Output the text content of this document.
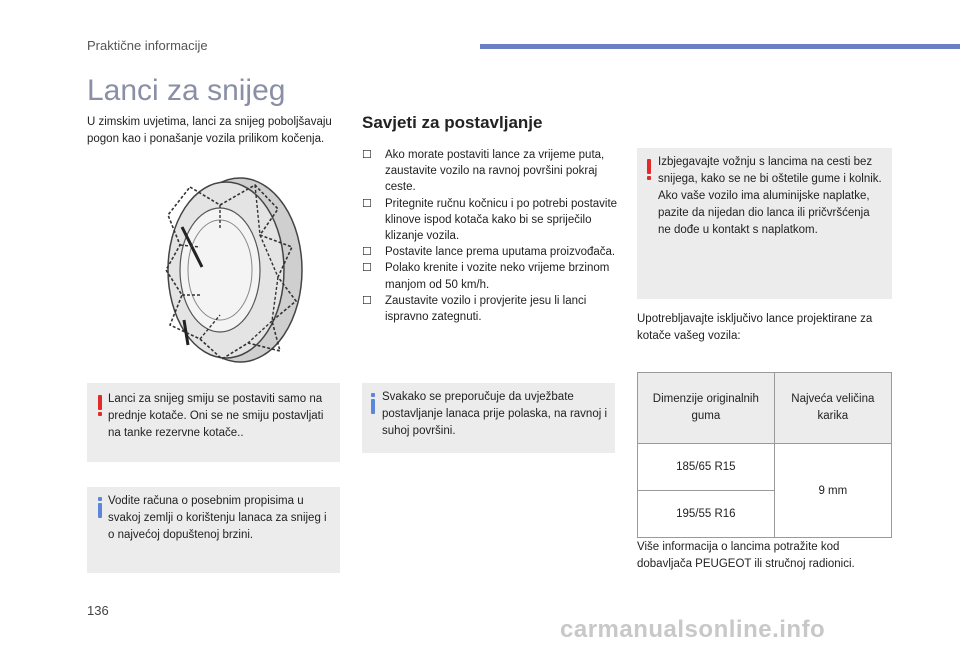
Praktične informacije
Lanci za snijeg
U zimskim uvjetima, lanci za snijeg poboljšavaju pogon kao i ponašanje vozila prilikom kočenja.
Lanci za snijeg smiju se postaviti samo na prednje kotače. Oni se ne smiju postavljati na tanke rezervne kotače..
Vodite računa o posebnim propisima u svakoj zemlji o korištenju lanaca za snijeg i o najvećoj dopuštenoj brzini.
Savjeti za postavljanje
☐ Ako morate postaviti lance za vrijeme puta, zaustavite vozilo na ravnoj površini pokraj ceste.
☐ Pritegnite ručnu kočnicu i po potrebi postavite klinove ispod kotača kako bi se spriječilo klizanje vozila.
☐ Postavite lance prema uputama proizvođača.
☐ Polako krenite i vozite neko vrijeme brzinom manjom od 50 km/h.
☐ Zaustavite vozilo i provjerite jesu li lanci ispravno zategnuti.
Svakako se preporučuje da uvježbate postavljanje lanaca prije polaska, na ravnoj i suhoj površini.
Izbjegavajte vožnju s lancima na cesti bez snijega, kako se ne bi oštetile gume i kolnik. Ako vaše vozilo ima aluminijske naplatke, pazite da nijedan dio lanca ili pričvršćenja ne dođe u kontakt s naplatkom.
Upotrebljavajte isključivo lance projektirane za kotače vašeg vozila:
Dimenzije originalnih guma	Najveća veličina karika
185/65 R15	9 mm
195/55 R16	
Više informacija o lancima potražite kod dobavljača PEUGEOT ili stručnoj radionici.
136
carmanualsonline.info
